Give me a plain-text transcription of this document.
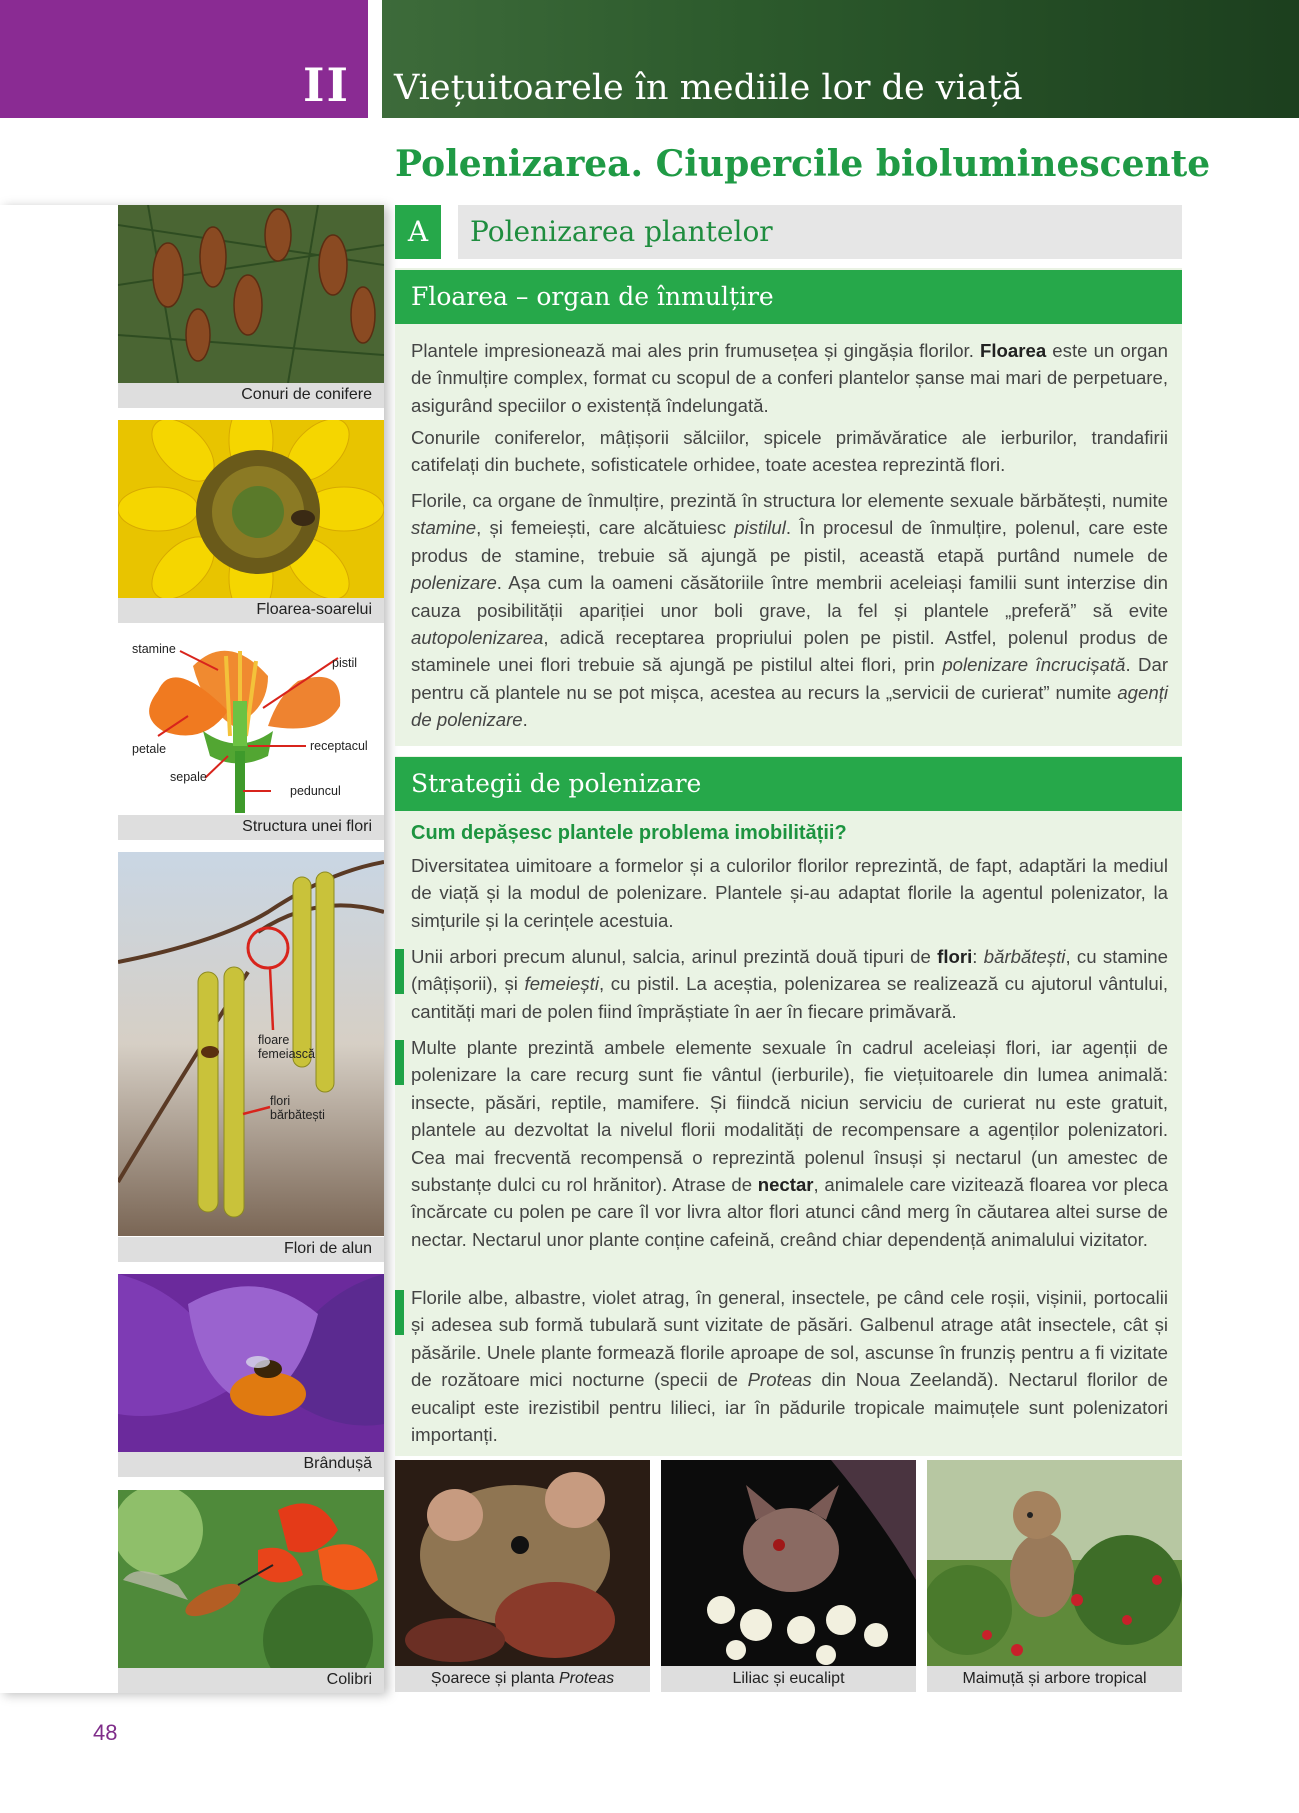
II Viețuitoarele în mediile lor de viață
Polenizarea. Ciupercile bioluminescente
Conuri de conifere
Floarea-soarelui
stamine
pistil
receptacul
petale
sepale
peduncul
Structura unei flori
floare
femeiască
flori
bărbătești
Flori de alun
Brândușă
Colibri
A	Polenizarea plantelor
Floarea – organ de înmulțire

Plantele impresionează mai ales prin frumusețea și gingășia florilor. Floarea este un organ de înmulțire complex, format cu scopul de a conferi plantelor șanse mai mari de perpetuare, asigurând speciilor o existență îndelungată.

Conurile coniferelor, mâțișorii sălciilor, spicele primăvăratice ale ierburilor, trandafirii catifelați din buchete, sofisticatele orhidee, toate acestea reprezintă flori.

Florile, ca organe de înmulțire, prezintă în structura lor elemente sexuale bărbătești, numite stamine, și femeiești, care alcătuiesc pistilul. În procesul de înmulțire, polenul, care este produs de stamine, trebuie să ajungă pe pistil, această etapă purtând numele de polenizare. Așa cum la oameni căsătoriile între membrii aceleiași familii sunt interzise din cauza posibilității apariției unor boli grave, la fel și plantele „preferă” să evite autopolenizarea, adică receptarea propriului polen pe pistil. Astfel, polenul produs de staminele unei flori trebuie să ajungă pe pistilul altei flori, prin polenizare încrucișată. Dar pentru că plantele nu se pot mișca, acestea au recurs la „servicii de curierat” numite agenți de polenizare.

Strategii de polenizare
Cum depășesc plantele problema imobilității?

Diversitatea uimitoare a formelor și a culorilor florilor reprezintă, de fapt, adaptări la mediul de viață și la modul de polenizare. Plantele și-au adaptat florile la agentul polenizator, la simțurile și la cerințele acestuia.

Unii arbori precum alunul, salcia, arinul prezintă două tipuri de flori: bărbătești, cu stamine (mâțișorii), și femeiești, cu pistil. La aceștia, polenizarea se realizează cu ajutorul vântului, cantități mari de polen fiind împrăștiate în aer în fiecare primăvară.

Multe plante prezintă ambele elemente sexuale în cadrul aceleiași flori, iar agenții de polenizare la care recurg sunt fie vântul (ierburile), fie viețuitoarele din lumea animală: insecte, păsări, reptile, mamifere. Și fiindcă niciun serviciu de curierat nu este gratuit, plantele au dezvoltat la nivelul florii modalități de recompensare a agenților polenizatori. Cea mai frecventă recompensă o reprezintă polenul însuși și nectarul (un amestec de substanțe dulci cu rol hrănitor). Atrase de nectar, animalele care vizitează floarea vor pleca încărcate cu polen pe care îl vor livra altor flori atunci când merg în căutarea altei surse de nectar. Nectarul unor plante conține cafeină, creând chiar dependență animalului vizitator.

Florile albe, albastre, violet atrag, în general, insectele, pe când cele roșii, vișinii, portocalii și adesea sub formă tubulară sunt vizitate de păsări. Galbenul atrage atât insectele, cât și păsările. Unele plante formează florile aproape de sol, ascunse în frunziș pentru a fi vizitate de rozătoare mici nocturne (specii de Proteas din Noua Zeelandă). Nectarul florilor de eucalipt este irezistibil pentru lilieci, iar în pădurile tropicale maimuțele sunt polenizatori importanți.

Șoarece și planta Proteas	Liliac și eucalipt	Maimuță și arbore tropical
48
